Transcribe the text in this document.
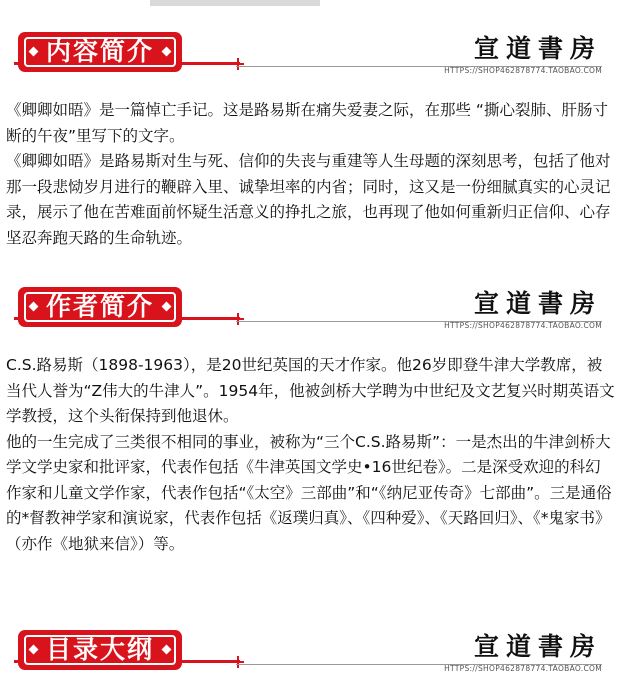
内容简介	宣道書房
HTTPS://SHOP462878774.TAOBAO.COM

《卿卿如晤》是一篇悼亡手记。这是路易斯在痛失爱妻之际，在那些 “撕心裂肺、肝肠寸断的午夜”里写下的文字。

《卿卿如晤》是路易斯对生与死、信仰的失丧与重建等人生母题的深刻思考，包括了他对那一段悲恸岁月进行的鞭辟入里、诚挚坦率的内省；同时，这又是一份细腻真实的心灵记录，展示了他在苦难面前怀疑生活意义的挣扎之旅，也再现了他如何重新归正信仰、心存坚忍奔跑天路的生命轨迹。

作者简介	宣道書房
HTTPS://SHOP462878774.TAOBAO.COM

C.S.路易斯（1898-1963），是20世纪英国的天才作家。他26岁即登牛津大学教席，被当代人誉为“Z伟大的牛津人”。1954年，他被剑桥大学聘为中世纪及文艺复兴时期英语文学教授，这个头衔保持到他退休。

他的一生完成了三类很不相同的事业，被称为“三个C.S.路易斯”：一是杰出的牛津剑桥大学文学史家和批评家，代表作包括《牛津英国文学史•16世纪卷》。二是深受欢迎的科幻作家和儿童文学作家，代表作包括“《太空》三部曲”和“《纳尼亚传奇》七部曲”。三是通俗的*督教神学家和演说家，代表作包括《返璞归真》、《四种爱》、《天路回归》、《*鬼家书》（亦作《地狱来信》）等。

目录大纲	宣道書房
HTTPS://SHOP462878774.TAOBAO.COM
